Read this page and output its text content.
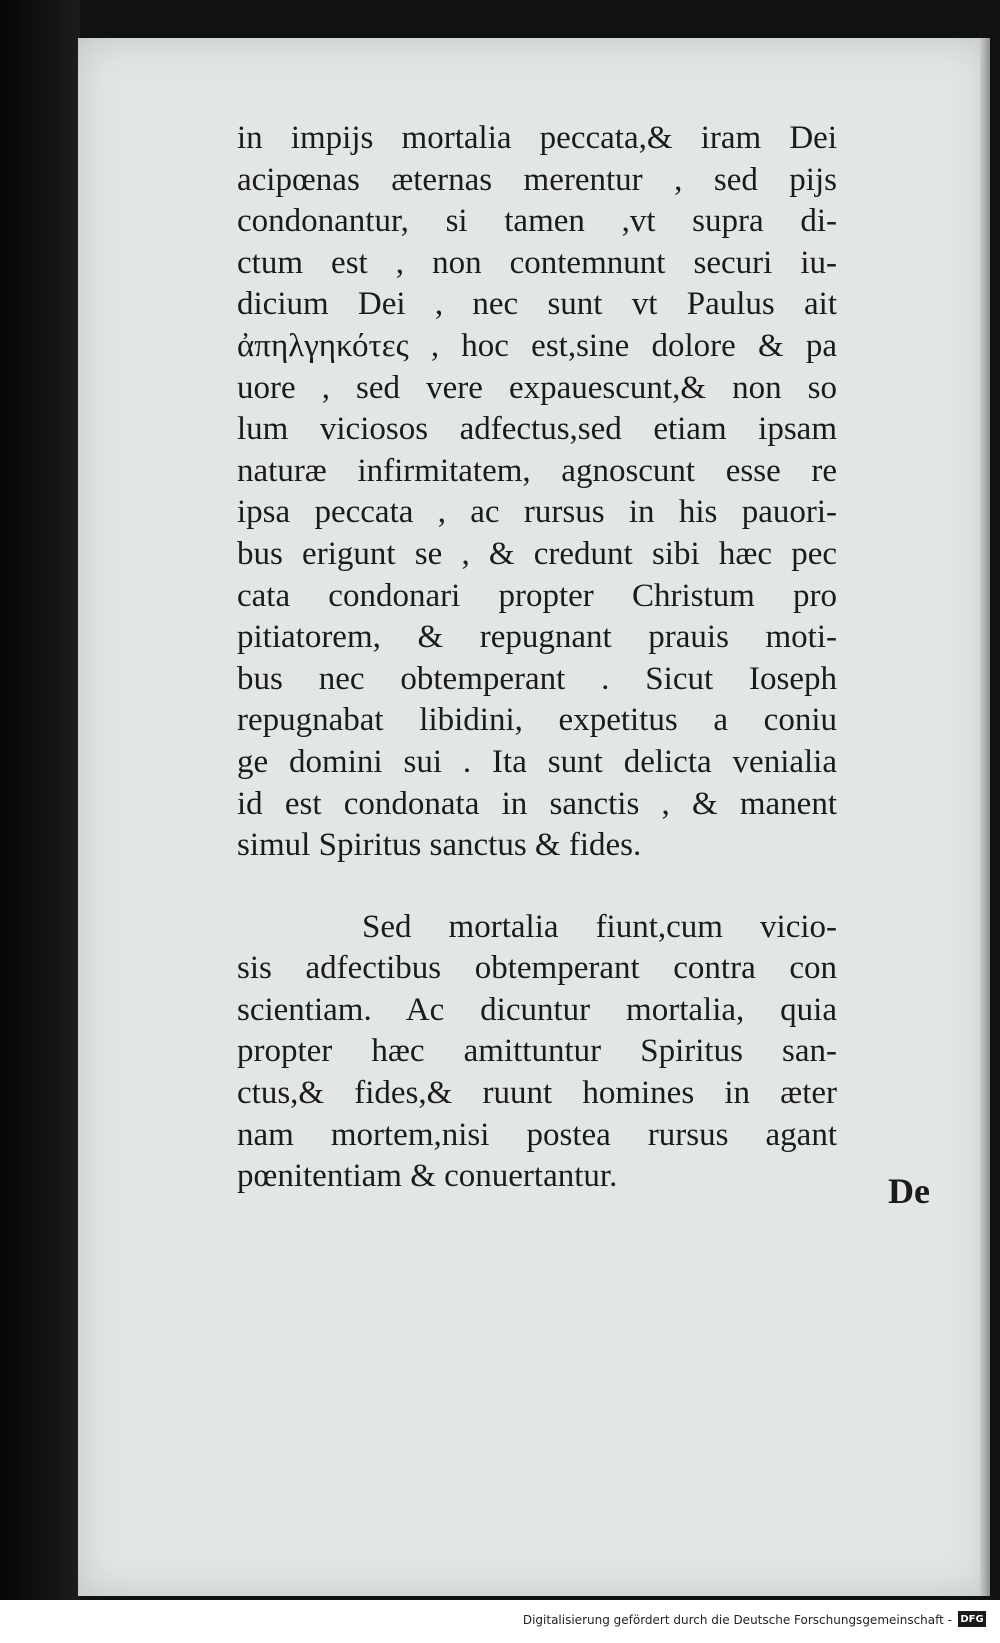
in impijs mortalia peccata,& iram Dei
acipœnas æternas merentur , sed pijs
condonantur, si tamen ,vt supra di-
ctum est , non contemnunt securi iu-
dicium Dei , nec sunt vt Paulus ait
ἀπηλγηκότες , hoc est,sine dolore & pa
uore , sed vere expauescunt,& non so
lum viciosos adfectus,sed etiam ipsam
naturæ infirmitatem, agnoscunt esse re
ipsa peccata , ac rursus in his pauori-
bus erigunt se , & credunt sibi hæc pec
cata condonari propter Christum pro
pitiatorem, & repugnant prauis moti-
bus nec obtemperant . Sicut Ioseph
repugnabat libidini, expetitus a coniu
ge domini sui . Ita sunt delicta venialia
id est condonata in sanctis , & manent
simul Spiritus sanctus & fides.
Sed mortalia fiunt,cum vicio-
sis adfectibus obtemperant contra con
scientiam. Ac dicuntur mortalia, quia
propter hæc amittuntur Spiritus san-
ctus,& fides,& ruunt homines in æter
nam mortem,nisi postea rursus agant
pœnitentiam & conuertantur.	De
Digitalisierung gefördert durch die Deutsche Forschungsgemeinschaft - DFG
